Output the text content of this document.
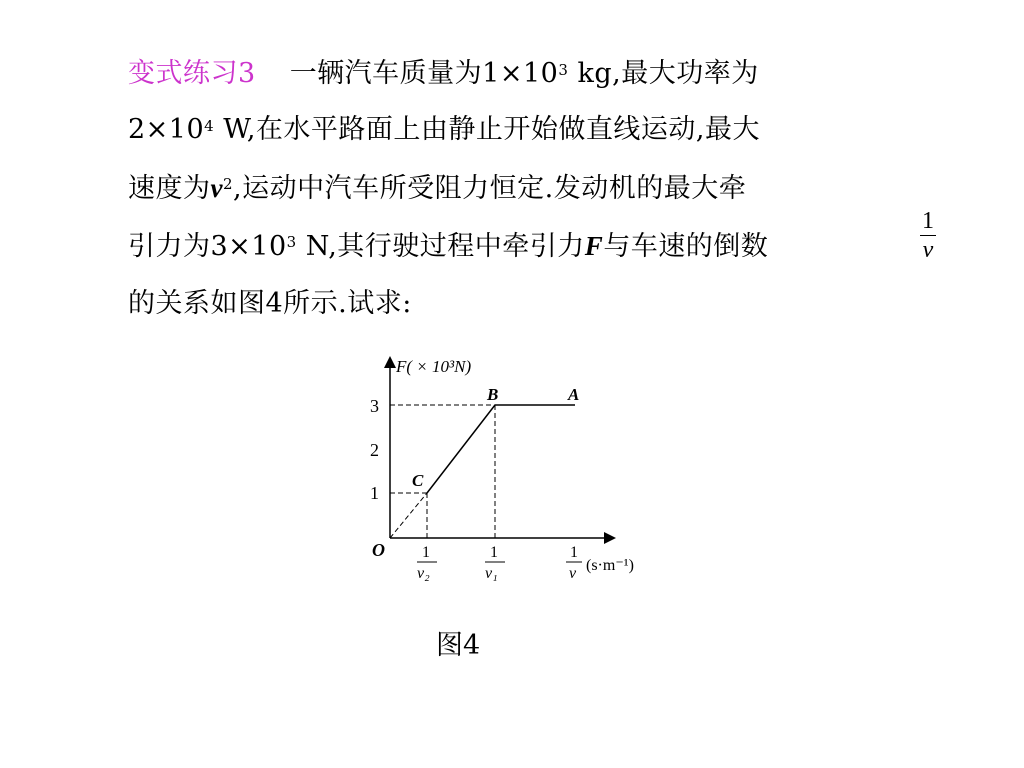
变式练习3 一辆汽车质量为$1\times 10^3$ kg,最大功率为
$2\times 10^4$ W,在水平路面上由静止开始做直线运动,最大
速度为$v^2$,运动中汽车所受阻力恒定.发动机的最大牵
引力为$3\times 10^3$ N,其行驶过程中牵引力F与车速的倒数
1
v
的关系如图4所示.试求:
F( × 10³N)
O
1
2
3
C
B	A
1
v₂
1
v₁
1
v (s·m⁻¹)
图4
